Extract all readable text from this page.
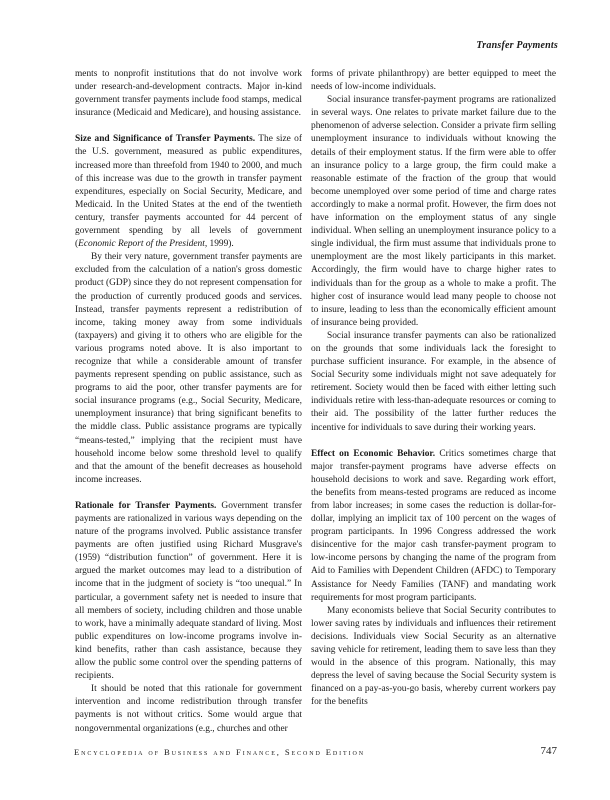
Transfer Payments

ments to nonprofit institutions that do not involve work under research-and-development contracts. Major in-kind government transfer payments include food stamps, medical insurance (Medicaid and Medicare), and housing assistance.

Size and Significance of Transfer Payments. The size of the U.S. government, measured as public expenditures, increased more than threefold from 1940 to 2000, and much of this increase was due to the growth in transfer payment expenditures, especially on Social Security, Medicare, and Medicaid. In the United States at the end of the twentieth century, transfer payments accounted for 44 percent of government spending by all levels of government (Economic Report of the President, 1999).

By their very nature, government transfer payments are excluded from the calculation of a nation's gross domestic product (GDP) since they do not represent compensation for the production of currently produced goods and services. Instead, transfer payments represent a redistribution of income, taking money away from some individuals (taxpayers) and giving it to others who are eligible for the various programs noted above. It is also important to recognize that while a considerable amount of transfer payments represent spending on public assistance, such as programs to aid the poor, other transfer payments are for social insurance programs (e.g., Social Security, Medicare, unemployment insurance) that bring significant benefits to the middle class. Public assistance programs are typically “means-tested,” implying that the recipient must have household income below some threshold level to qualify and that the amount of the benefit decreases as household income increases.

Rationale for Transfer Payments. Government transfer payments are rationalized in various ways depending on the nature of the programs involved. Public assistance transfer payments are often justified using Richard Musgrave's (1959) “distribution function” of government. Here it is argued the market outcomes may lead to a distribution of income that in the judgment of society is “too unequal.” In particular, a government safety net is needed to insure that all members of society, including children and those unable to work, have a minimally adequate standard of living. Most public expenditures on low-income programs involve in-kind benefits, rather than cash assistance, because they allow the public some control over the spending patterns of recipients.

It should be noted that this rationale for government intervention and income redistribution through transfer payments is not without critics. Some would argue that nongovernmental organizations (e.g., churches and other

forms of private philanthropy) are better equipped to meet the needs of low-income individuals.

Social insurance transfer-payment programs are rationalized in several ways. One relates to private market failure due to the phenomenon of adverse selection. Consider a private firm selling unemployment insurance to individuals without knowing the details of their employment status. If the firm were able to offer an insurance policy to a large group, the firm could make a reasonable estimate of the fraction of the group that would become unemployed over some period of time and charge rates accordingly to make a normal profit. However, the firm does not have information on the employment status of any single individual. When selling an unemployment insurance policy to a single individual, the firm must assume that individuals prone to unemployment are the most likely participants in this market. Accordingly, the firm would have to charge higher rates to individuals than for the group as a whole to make a profit. The higher cost of insurance would lead many people to choose not to insure, leading to less than the economically efficient amount of insurance being provided.

Social insurance transfer payments can also be rationalized on the grounds that some individuals lack the foresight to purchase sufficient insurance. For example, in the absence of Social Security some individuals might not save adequately for retirement. Society would then be faced with either letting such individuals retire with less-than-adequate resources or coming to their aid. The possibility of the latter further reduces the incentive for individuals to save during their working years.

Effect on Economic Behavior. Critics sometimes charge that major transfer-payment programs have adverse effects on household decisions to work and save. Regarding work effort, the benefits from means-tested programs are reduced as income from labor increases; in some cases the reduction is dollar-for-dollar, implying an implicit tax of 100 percent on the wages of program participants. In 1996 Congress addressed the work disincentive for the major cash transfer-payment program to low-income persons by changing the name of the program from Aid to Families with Dependent Children (AFDC) to Temporary Assistance for Needy Families (TANF) and mandating work requirements for most program participants.

Many economists believe that Social Security contributes to lower saving rates by individuals and influences their retirement decisions. Individuals view Social Security as an alternative saving vehicle for retirement, leading them to save less than they would in the absence of this program. Nationally, this may depress the level of saving because the Social Security system is financed on a pay-as-you-go basis, whereby current workers pay for the benefits

Encyclopedia of Business and Finance, Second Edition	747
